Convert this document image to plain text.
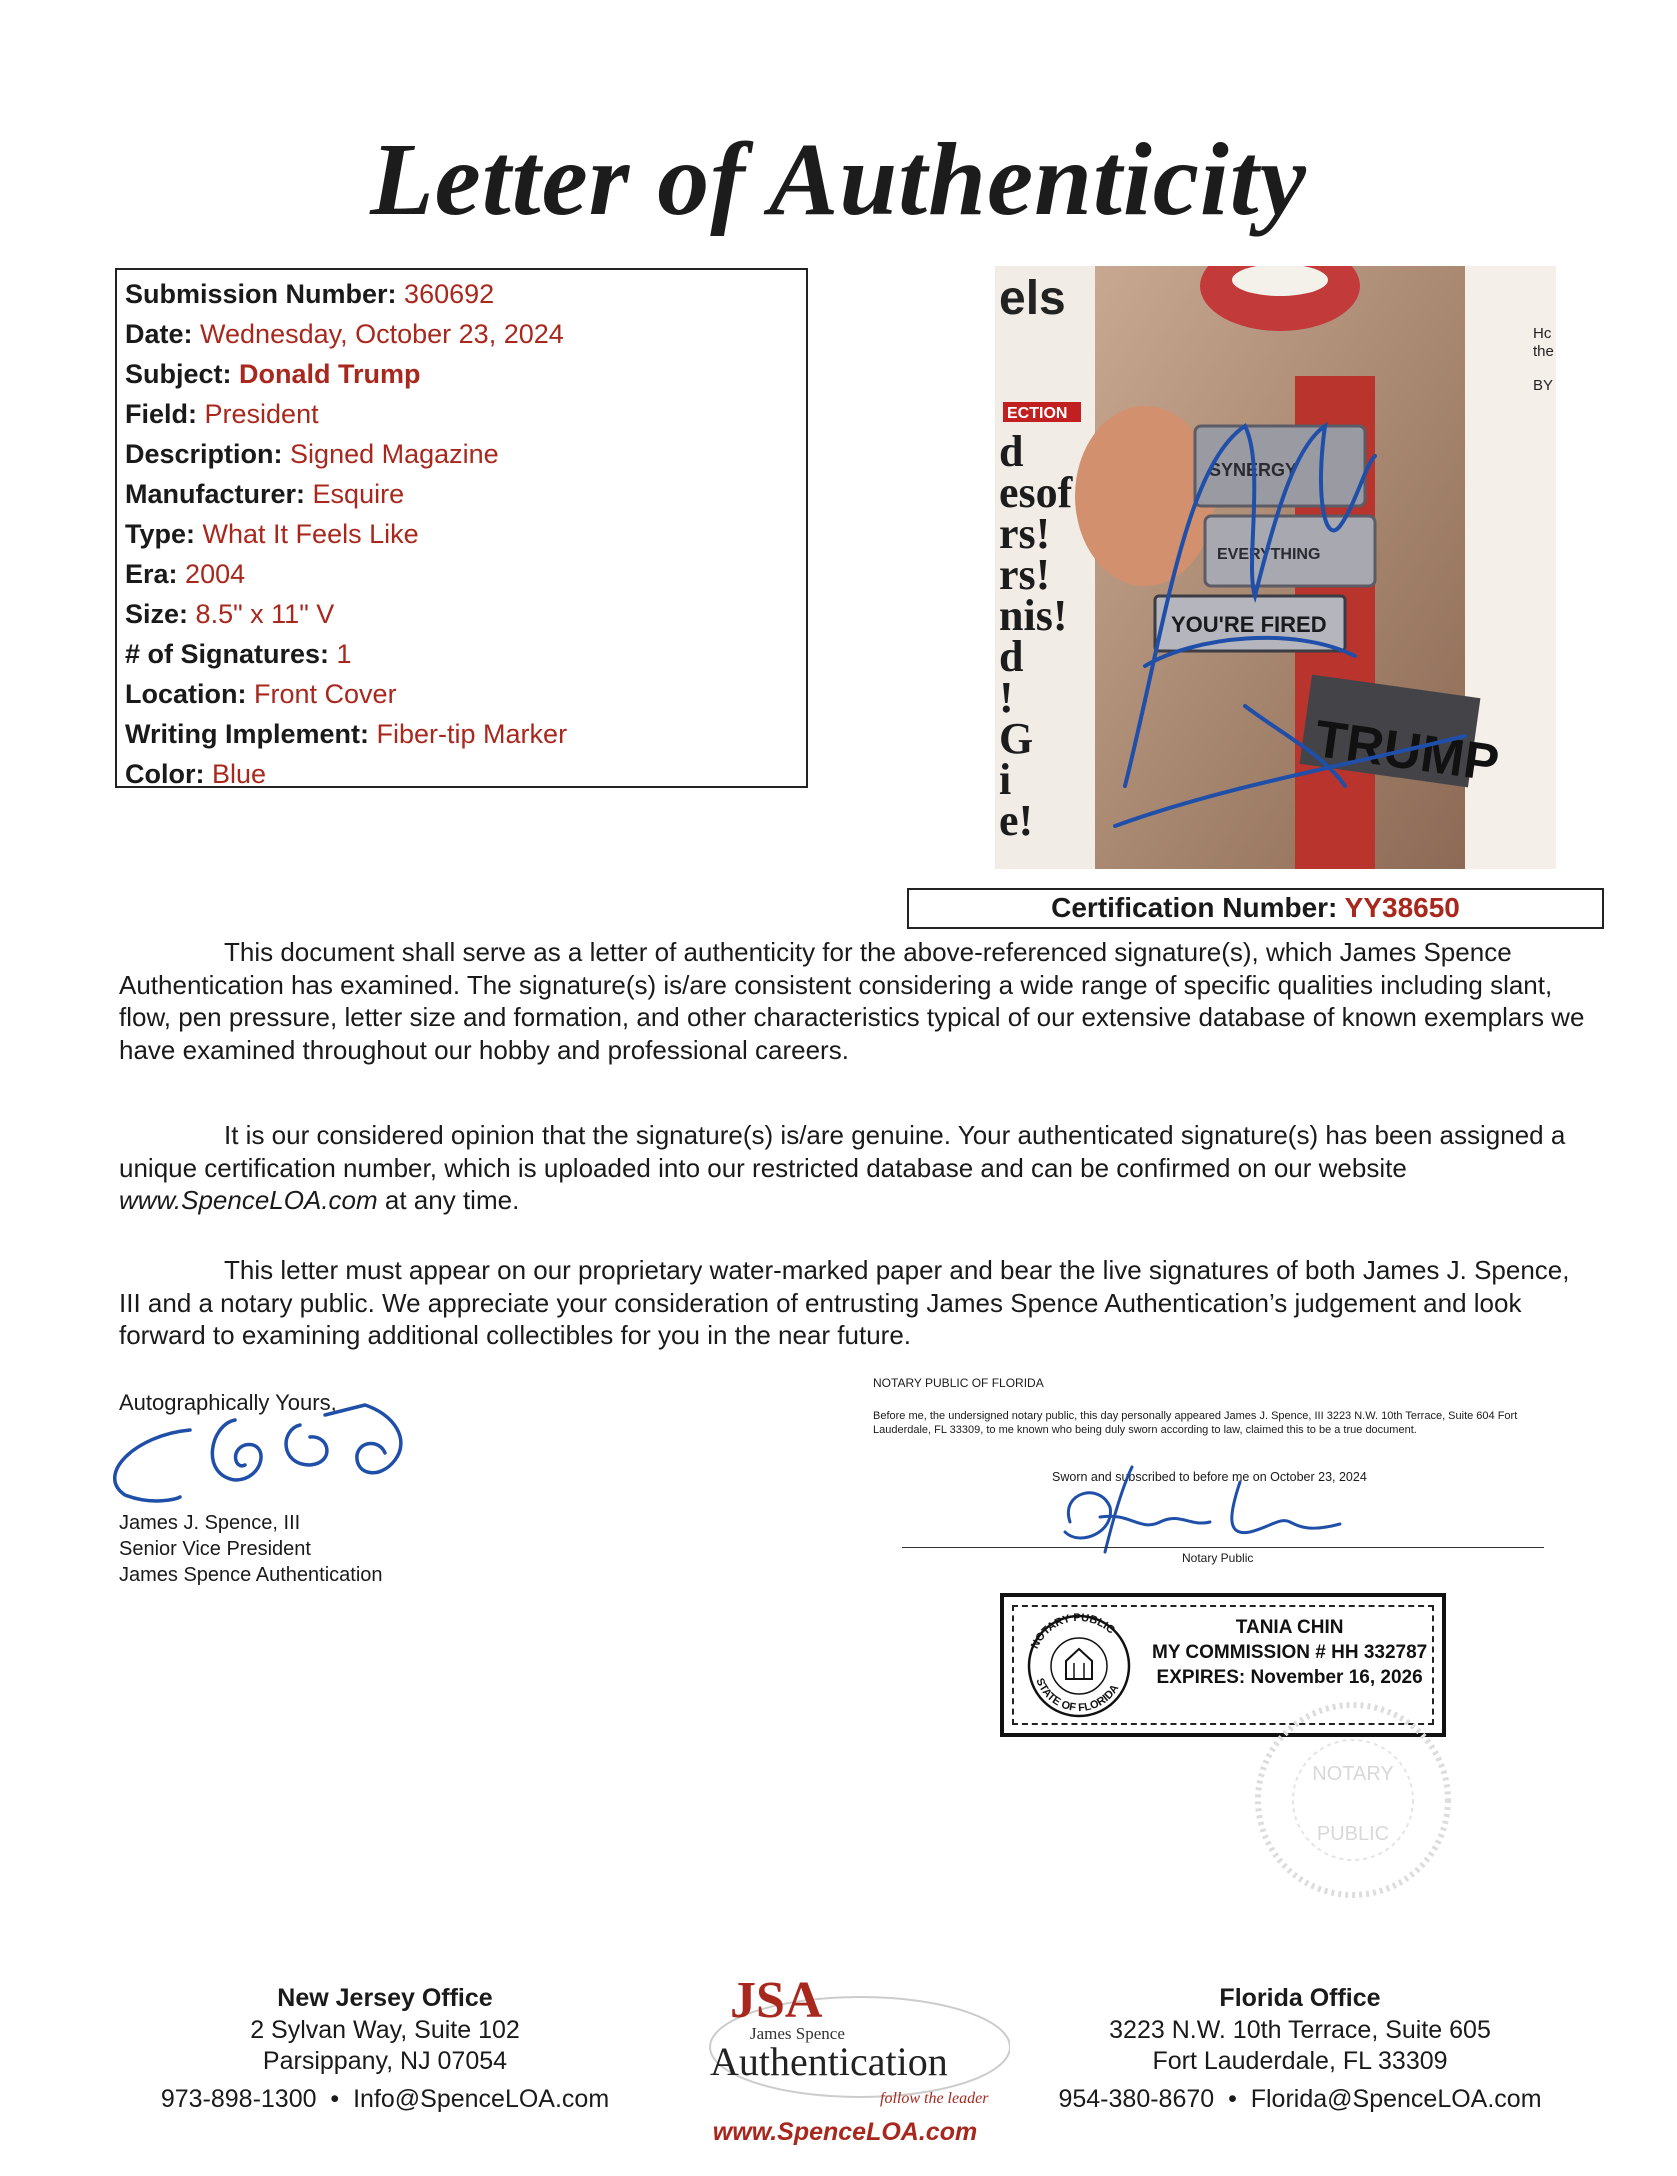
Letter of Authenticity
Submission Number: 360692
Date: Wednesday, October 23, 2024
Subject: Donald Trump
Field: President
Description: Signed Magazine
Manufacturer: Esquire
Type: What It Feels Like
Era: 2004
Size: 8.5" x 11" V
# of Signatures: 1
Location: Front Cover
Writing Implement: Fiber-tip Marker
Color: Blue
ECTION
els
d
esof
rs!
rs!
nis!
d
!
G
i
e!
Hc
the
BY
SYNERGY
EVERYTHING
YOU'RE FIRED
TRUMP
Certification Number: YY38650
This document shall serve as a letter of authenticity for the above-referenced signature(s), which James Spence Authentication has examined. The signature(s) is/are consistent considering a wide range of specific qualities including slant, flow, pen pressure, letter size and formation, and other characteristics typical of our extensive database of known exemplars we have examined throughout our hobby and professional careers.
It is our considered opinion that the signature(s) is/are genuine. Your authenticated signature(s) has been assigned a unique certification number, which is uploaded into our restricted database and can be confirmed on our website www.SpenceLOA.com at any time.
This letter must appear on our proprietary water-marked paper and bear the live signatures of both James J. Spence, III and a notary public. We appreciate your consideration of entrusting James Spence Authentication’s judgement and look forward to examining additional collectibles for you in the near future.
Autographically Yours,
James J. Spence, III
Senior Vice President
James Spence Authentication
NOTARY PUBLIC OF FLORIDA
Before me, the undersigned notary public, this day personally appeared James J. Spence, III 3223 N.W. 10th Terrace, Suite 604 Fort Lauderdale, FL 33309, to me known who being duly sworn according to law, claimed this to be a true document.
Sworn and subscribed to before me on October 23, 2024
Notary Public
NOTARY PUBLIC
STATE OF FLORIDA
TANIA CHIN
MY COMMISSION # HH 332787
EXPIRES: November 16, 2026
NOTARY
PUBLIC
New Jersey Office
2 Sylvan Way, Suite 102
Parsippany, NJ 07054
973-898-1300  •  Info@SpenceLOA.com
Florida Office
3223 N.W. 10th Terrace, Suite 605
Fort Lauderdale, FL 33309
954-380-8670  •  Florida@SpenceLOA.com
JSA
James Spence
Authentication
follow the leader
www.SpenceLOA.com
